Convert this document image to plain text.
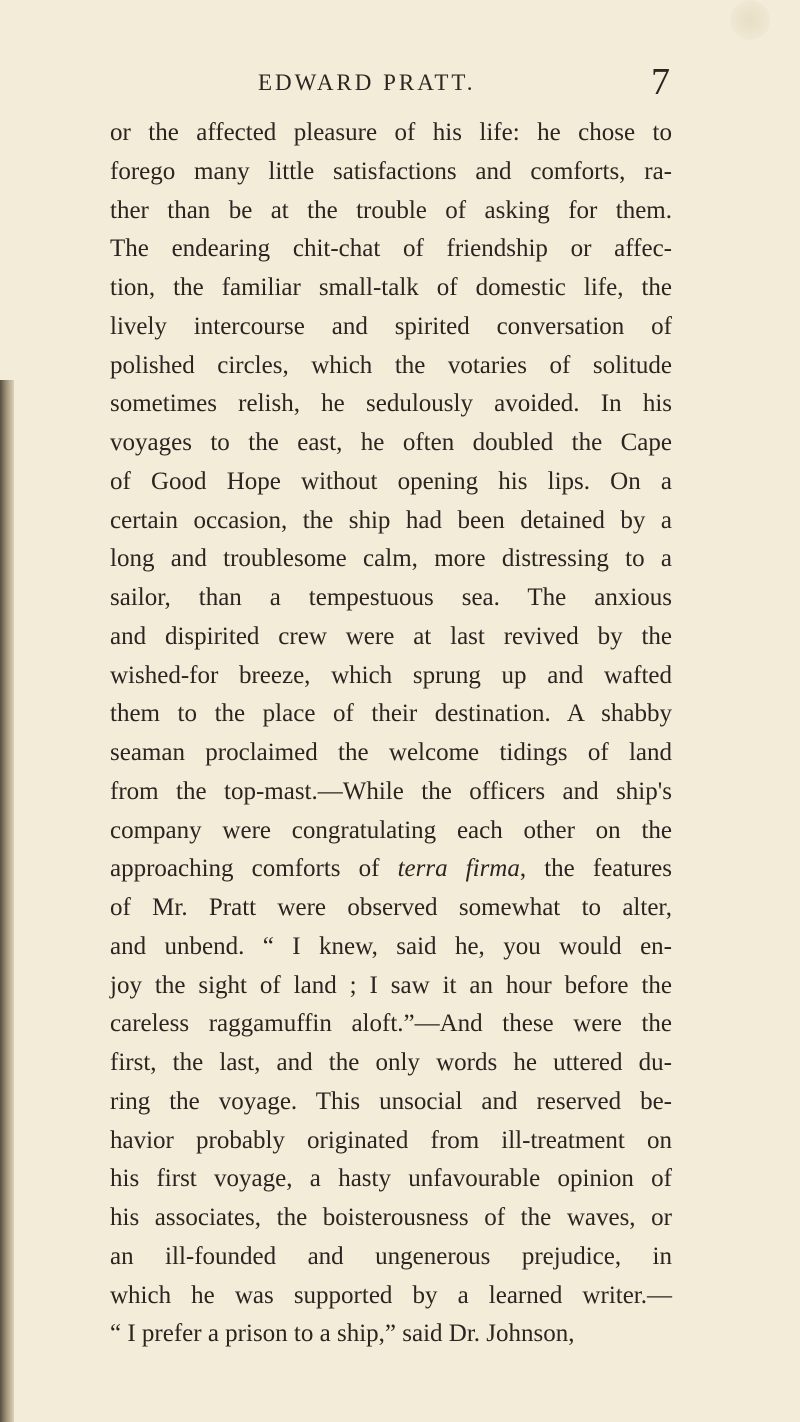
EDWARD PRATT.	7
or the affected pleasure of his life: he chose to
forego many little satisfactions and comforts, ra-
ther than be at the trouble of asking for them.
The endearing chit-chat of friendship or affec-
tion, the familiar small-talk of domestic life, the
lively intercourse and spirited conversation of
polished circles, which the votaries of solitude
sometimes relish, he sedulously avoided. In his
voyages to the east, he often doubled the Cape
of Good Hope without opening his lips. On a
certain occasion, the ship had been detained by a
long and troublesome calm, more distressing to a
sailor, than a tempestuous sea. The anxious
and dispirited crew were at last revived by the
wished-for breeze, which sprung up and wafted
them to the place of their destination. A shabby
seaman proclaimed the welcome tidings of land
from the top-mast.—While the officers and ship's
company were congratulating each other on the
approaching comforts of terra firma, the features
of Mr. Pratt were observed somewhat to alter,
and unbend. “ I knew, said he, you would en-
joy the sight of land ; I saw it an hour before the
careless raggamuffin aloft.”—And these were the
first, the last, and the only words he uttered du-
ring the voyage. This unsocial and reserved be-
havior probably originated from ill-treatment on
his first voyage, a hasty unfavourable opinion of
his associates, the boisterousness of the waves, or
an ill-founded and ungenerous prejudice, in
which he was supported by a learned writer.—
“ I prefer a prison to a ship,” said Dr. Johnson,
